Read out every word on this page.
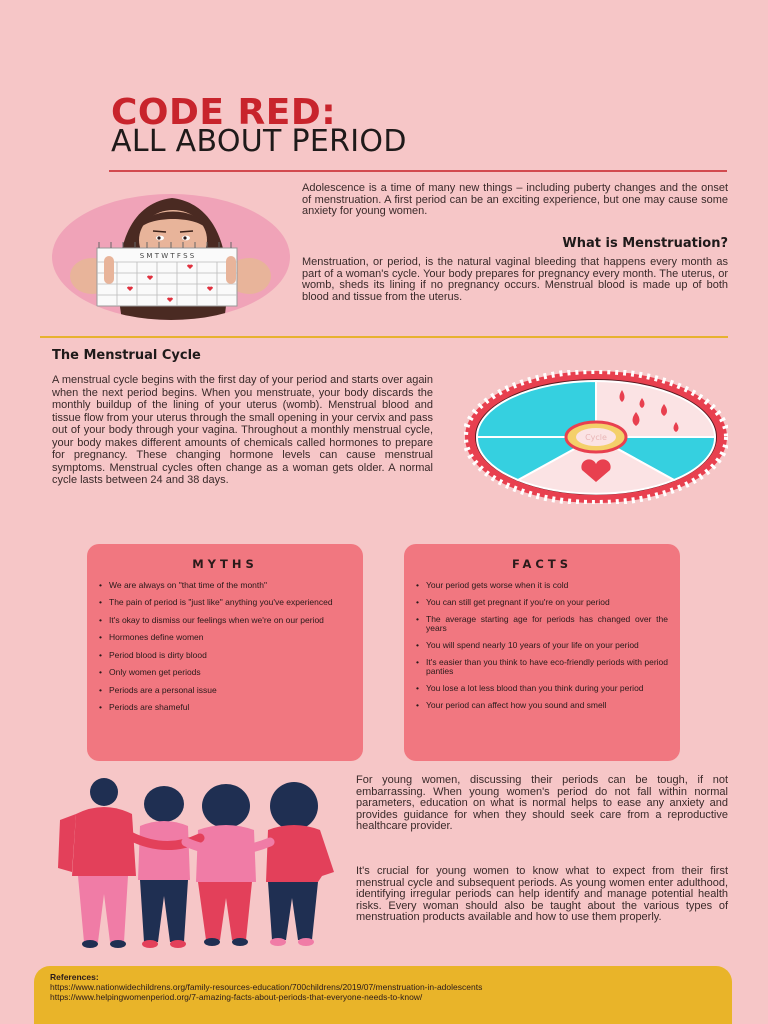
CODE RED:
ALL ABOUT PERIOD
S M T W T F S S

Adolescence is a time of many new things – including puberty changes and the onset of menstruation. A first period can be an exciting experience, but one may cause some anxiety for young women.

What is Menstruation?

Menstruation, or period, is the natural vaginal bleeding that happens every month as part of a woman's cycle. Your body prepares for pregnancy every month. The uterus, or womb, sheds its lining if no pregnancy occurs. Menstrual blood is made up of both blood and tissue from the uterus.

The Menstrual Cycle

A menstrual cycle begins with the first day of your period and starts over again when the next period begins. When you menstruate, your body discards the monthly buildup of the lining of your uterus (womb). Menstrual blood and tissue flow from your uterus through the small opening in your cervix and pass out of your body through your vagina. Throughout a monthly menstrual cycle, your body makes different amounts of chemicals called hormones to prepare for pregnancy. These changing hormone levels can cause menstrual symptoms. Menstrual cycles often change as a woman gets older. A normal cycle lasts between 24 and 38 days.

Cycle
MYTHS
• We are always on "that time of the month"
• The pain of period is "just like" anything you've experienced
• It's okay to dismiss our feelings when we're on our period
• Hormones define women
• Period blood is dirty blood
• Only women get periods
• Periods are a personal issue
• Periods are shameful
FACTS
• Your period gets worse when it is cold
• You can still get pregnant if you're on your period
• The average starting age for periods has changed over the years
• You will spend nearly 10 years of your life on your period
• It's easier than you think to have eco-friendly periods with period panties
• You lose a lot less blood than you think during your period
• Your period can affect how you sound and smell

For young women, discussing their periods can be tough, if not embarrassing. When young women's period do not fall within normal parameters, education on what is normal helps to ease any anxiety and provides guidance for when they should seek care from a reproductive healthcare provider.

It's crucial for young women to know what to expect from their first menstrual cycle and subsequent periods. As young women enter adulthood, identifying irregular periods can help identify and manage potential health risks. Every woman should also be taught about the various types of menstruation products available and how to use them properly.

References:
https://www.nationwidechildrens.org/family-resources-education/700childrens/2019/07/menstruation-in-adolescents
https://www.helpingwomenperiod.org/7-amazing-facts-about-periods-that-everyone-needs-to-know/
